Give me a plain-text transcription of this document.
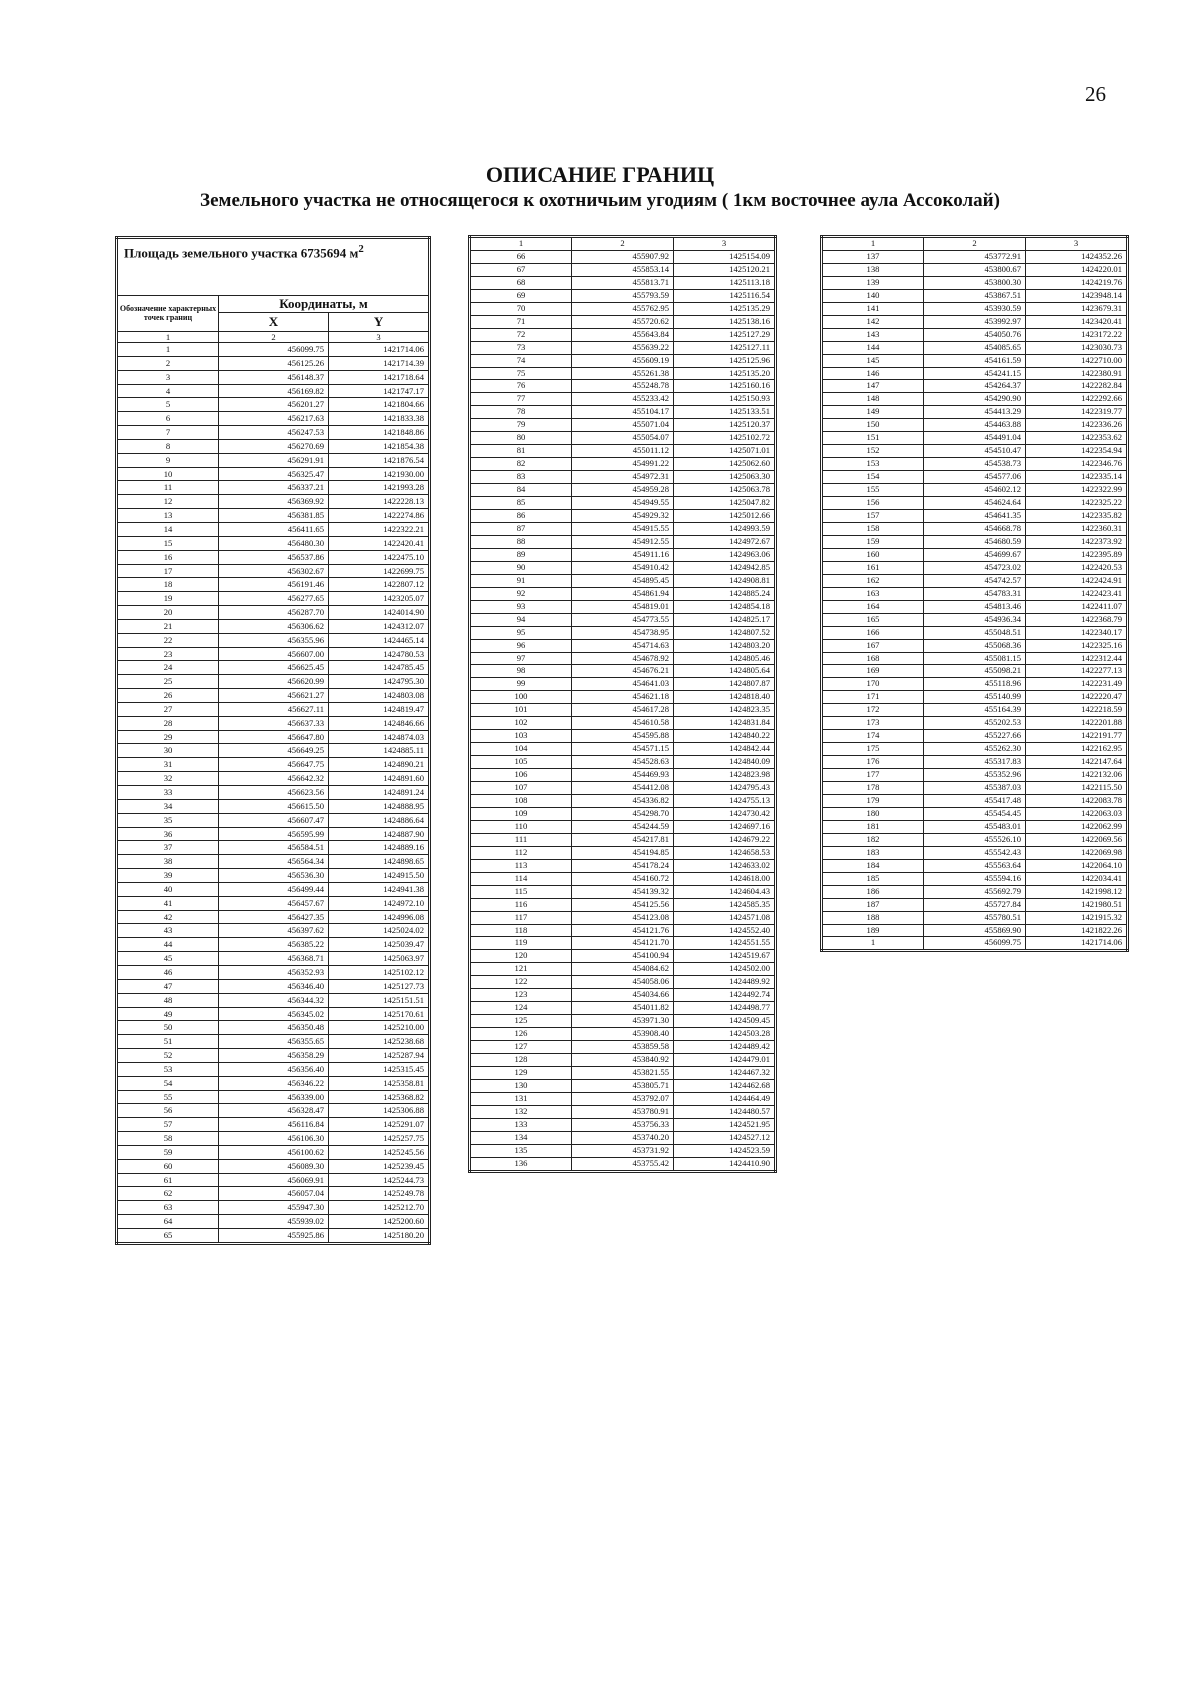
26
ОПИСАНИЕ ГРАНИЦ
Земельного участка не относящегося к охотничьим угодиям ( 1км восточнее аула Ассоколай)
Площадь земельного участка 6735694 $м^2$
Обозначение характерных точек границ	Координаты, м	
	X	Y
1	2	3
1	456099.75	1421714.06
2	456125.26	1421714.39
3	456148.37	1421718.64
4	456169.82	1421747.17
5	456201.27	1421804.66
6	456217.63	1421833.38
7	456247.53	1421848.86
8	456270.69	1421854.38
9	456291.91	1421876.54
10	456325.47	1421930.00
11	456337.21	1421993.28
12	456369.92	1422228.13
13	456381.85	1422274.86
14	456411.65	1422322.21
15	456480.30	1422420.41
16	456537.86	1422475.10
17	456302.67	1422699.75
18	456191.46	1422807.12
19	456277.65	1423205.07
20	456287.70	1424014.90
21	456306.62	1424312.07
22	456355.96	1424465.14
23	456607.00	1424780.53
24	456625.45	1424785.45
25	456620.99	1424795.30
26	456621.27	1424803.08
27	456627.11	1424819.47
28	456637.33	1424846.66
29	456647.80	1424874.03
30	456649.25	1424885.11
31	456647.75	1424890.21
32	456642.32	1424891.60
33	456623.56	1424891.24
34	456615.50	1424888.95
35	456607.47	1424886.64
36	456595.99	1424887.90
37	456584.51	1424889.16
38	456564.34	1424898.65
39	456536.30	1424915.50
40	456499.44	1424941.38
41	456457.67	1424972.10
42	456427.35	1424996.08
43	456397.62	1425024.02
44	456385.22	1425039.47
45	456368.71	1425063.97
46	456352.93	1425102.12
47	456346.40	1425127.73
48	456344.32	1425151.51
49	456345.02	1425170.61
50	456350.48	1425210.00
51	456355.65	1425238.68
52	456358.29	1425287.94
53	456356.40	1425315.45
54	456346.22	1425358.81
55	456339.00	1425368.82
56	456328.47	1425306.88
57	456116.84	1425291.07
58	456106.30	1425257.75
59	456100.62	1425245.56
60	456089.30	1425239.45
61	456069.91	1425244.73
62	456057.04	1425249.78
63	455947.30	1425212.70
64	455939.02	1425200.60
65	455925.86	1425180.20
1	2	3
66	455907.92	1425154.09
67	455853.14	1425120.21
68	455813.71	1425113.18
69	455793.59	1425116.54
70	455762.95	1425135.29
71	455720.62	1425138.16
72	455643.84	1425127.29
73	455639.22	1425127.11
74	455609.19	1425125.96
75	455261.38	1425135.20
76	455248.78	1425160.16
77	455233.42	1425150.93
78	455104.17	1425133.51
79	455071.04	1425120.37
80	455054.07	1425102.72
81	455011.12	1425071.01
82	454991.22	1425062.60
83	454972.31	1425063.30
84	454959.28	1425063.78
85	454949.55	1425047.82
86	454929.32	1425012.66
87	454915.55	1424993.59
88	454912.55	1424972.67
89	454911.16	1424963.06
90	454910.42	1424942.85
91	454895.45	1424908.81
92	454861.94	1424885.24
93	454819.01	1424854.18
94	454773.55	1424825.17
95	454738.95	1424807.52
96	454714.63	1424803.20
97	454678.92	1424805.46
98	454676.21	1424805.64
99	454641.03	1424807.87
100	454621.18	1424818.40
101	454617.28	1424823.35
102	454610.58	1424831.84
103	454595.88	1424840.22
104	454571.15	1424842.44
105	454528.63	1424840.09
106	454469.93	1424823.98
107	454412.08	1424795.43
108	454336.82	1424755.13
109	454298.70	1424730.42
110	454244.59	1424697.16
111	454217.81	1424679.22
112	454194.85	1424658.53
113	454178.24	1424633.02
114	454160.72	1424618.00
115	454139.32	1424604.43
116	454125.56	1424585.35
117	454123.08	1424571.08
118	454121.76	1424552.40
119	454121.70	1424551.55
120	454100.94	1424519.67
121	454084.62	1424502.00
122	454058.06	1424489.92
123	454034.66	1424492.74
124	454011.82	1424498.77
125	453971.30	1424509.45
126	453908.40	1424503.28
127	453859.58	1424489.42
128	453840.92	1424479.01
129	453821.55	1424467.32
130	453805.71	1424462.68
131	453792.07	1424464.49
132	453780.91	1424480.57
133	453756.33	1424521.95
134	453740.20	1424527.12
135	453731.92	1424523.59
136	453755.42	1424410.90
1	2	3
137	453772.91	1424352.26
138	453800.67	1424220.01
139	453800.30	1424219.76
140	453867.51	1423948.14
141	453930.59	1423679.31
142	453992.97	1423420.41
143	454050.76	1423172.22
144	454085.65	1423030.73
145	454161.59	1422710.00
146	454241.15	1422380.91
147	454264.37	1422282.84
148	454290.90	1422292.66
149	454413.29	1422319.77
150	454463.88	1422336.26
151	454491.04	1422353.62
152	454510.47	1422354.94
153	454538.73	1422346.76
154	454577.06	1422335.14
155	454602.12	1422322.99
156	454624.64	1422325.22
157	454641.35	1422335.82
158	454668.78	1422360.31
159	454680.59	1422373.92
160	454699.67	1422395.89
161	454723.02	1422420.53
162	454742.57	1422424.91
163	454783.31	1422423.41
164	454813.46	1422411.07
165	454936.34	1422368.79
166	455048.51	1422340.17
167	455068.36	1422325.16
168	455081.15	1422312.44
169	455098.21	1422277.13
170	455118.96	1422231.49
171	455140.99	1422220.47
172	455164.39	1422218.59
173	455202.53	1422201.88
174	455227.66	1422191.77
175	455262.30	1422162.95
176	455317.83	1422147.64
177	455352.96	1422132.06
178	455387.03	1422115.50
179	455417.48	1422083.78
180	455454.45	1422063.03
181	455483.01	1422062.99
182	455526.10	1422069.56
183	455542.43	1422069.98
184	455563.64	1422064.10
185	455594.16	1422034.41
186	455692.79	1421998.12
187	455727.84	1421980.51
188	455780.51	1421915.32
189	455869.90	1421822.26
1	456099.75	1421714.06
